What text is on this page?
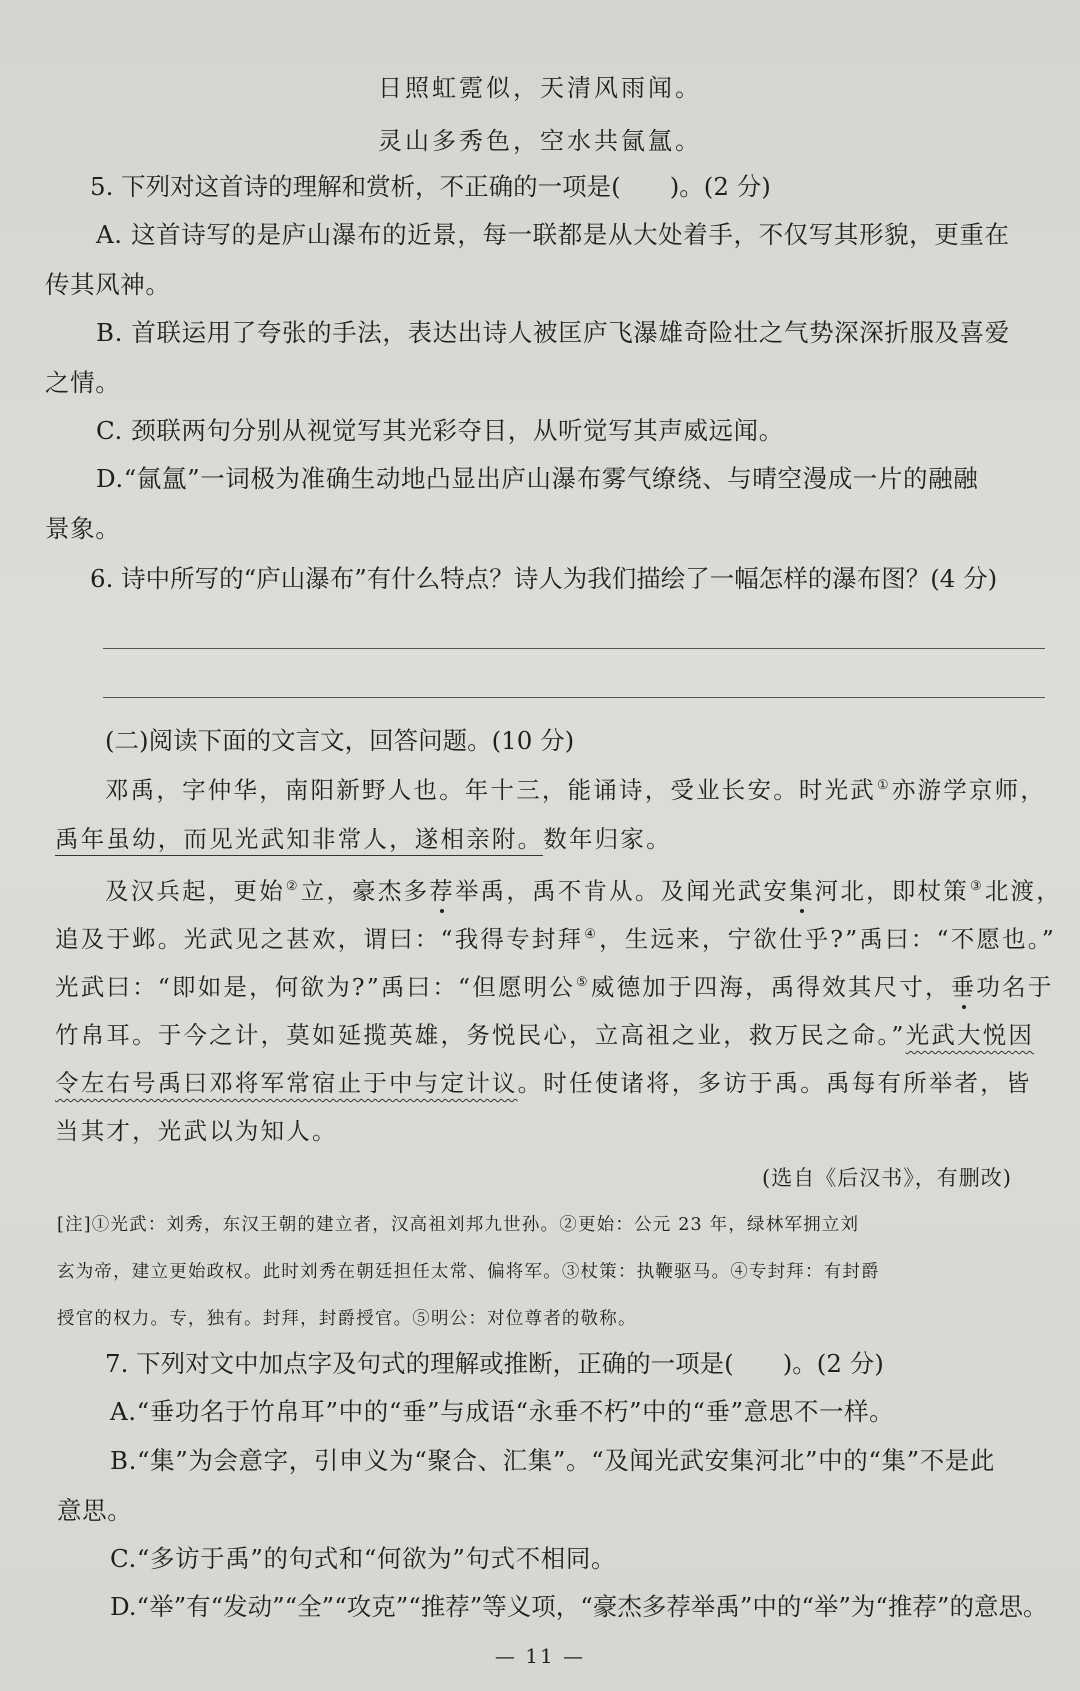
日照虹霓似，天清风雨闻。
灵山多秀色，空水共氤氲。
5. 下列对这首诗的理解和赏析，不正确的一项是(　　)。(2 分)
A. 这首诗写的是庐山瀑布的近景，每一联都是从大处着手，不仅写其形貌，更重在
传其风神。
B. 首联运用了夸张的手法，表达出诗人被匡庐飞瀑雄奇险壮之气势深深折服及喜爱
之情。
C. 颈联两句分别从视觉写其光彩夺目，从听觉写其声威远闻。
D.“氤氲”一词极为准确生动地凸显出庐山瀑布雾气缭绕、与晴空漫成一片的融融
景象。
6. 诗中所写的“庐山瀑布”有什么特点？诗人为我们描绘了一幅怎样的瀑布图？(4 分)
(二)阅读下面的文言文，回答问题。(10 分)
邓禹，字仲华，南阳新野人也。年十三，能诵诗，受业长安。时光武①亦游学京师，
禹年虽幼，而见光武知非常人，遂相亲附。数年归家。
及汉兵起，更始②立，豪杰多荐举禹，禹不肯从。及闻光武安集河北，即杖策③北渡，
追及于邺。光武见之甚欢，谓曰：“我得专封拜④，生远来，宁欲仕乎?”禹曰：“不愿也。”
光武曰：“即如是，何欲为?”禹曰：“但愿明公⑤威德加于四海，禹得效其尺寸，垂功名于
竹帛耳。于今之计，莫如延揽英雄，务悦民心，立高祖之业，救万民之命。”光武大悦因
令左右号禹曰邓将军常宿止于中与定计议。时任使诸将，多访于禹。禹每有所举者，皆
当其才，光武以为知人。
(选自《后汉书》，有删改)
[注]①光武：刘秀，东汉王朝的建立者，汉高祖刘邦九世孙。②更始：公元 23 年，绿林军拥立刘
玄为帝，建立更始政权。此时刘秀在朝廷担任太常、偏将军。③杖策：执鞭驱马。④专封拜：有封爵
授官的权力。专，独有。封拜，封爵授官。⑤明公：对位尊者的敬称。
7. 下列对文中加点字及句式的理解或推断，正确的一项是(　　)。(2 分)
A.“垂功名于竹帛耳”中的“垂”与成语“永垂不朽”中的“垂”意思不一样。
B.“集”为会意字，引申义为“聚合、汇集”。“及闻光武安集河北”中的“集”不是此
意思。
C.“多访于禹”的句式和“何欲为”句式不相同。
D.“举”有“发动”“全”“攻克”“推荐”等义项，“豪杰多荐举禹”中的“举”为“推荐”的意思。
— 11 —
